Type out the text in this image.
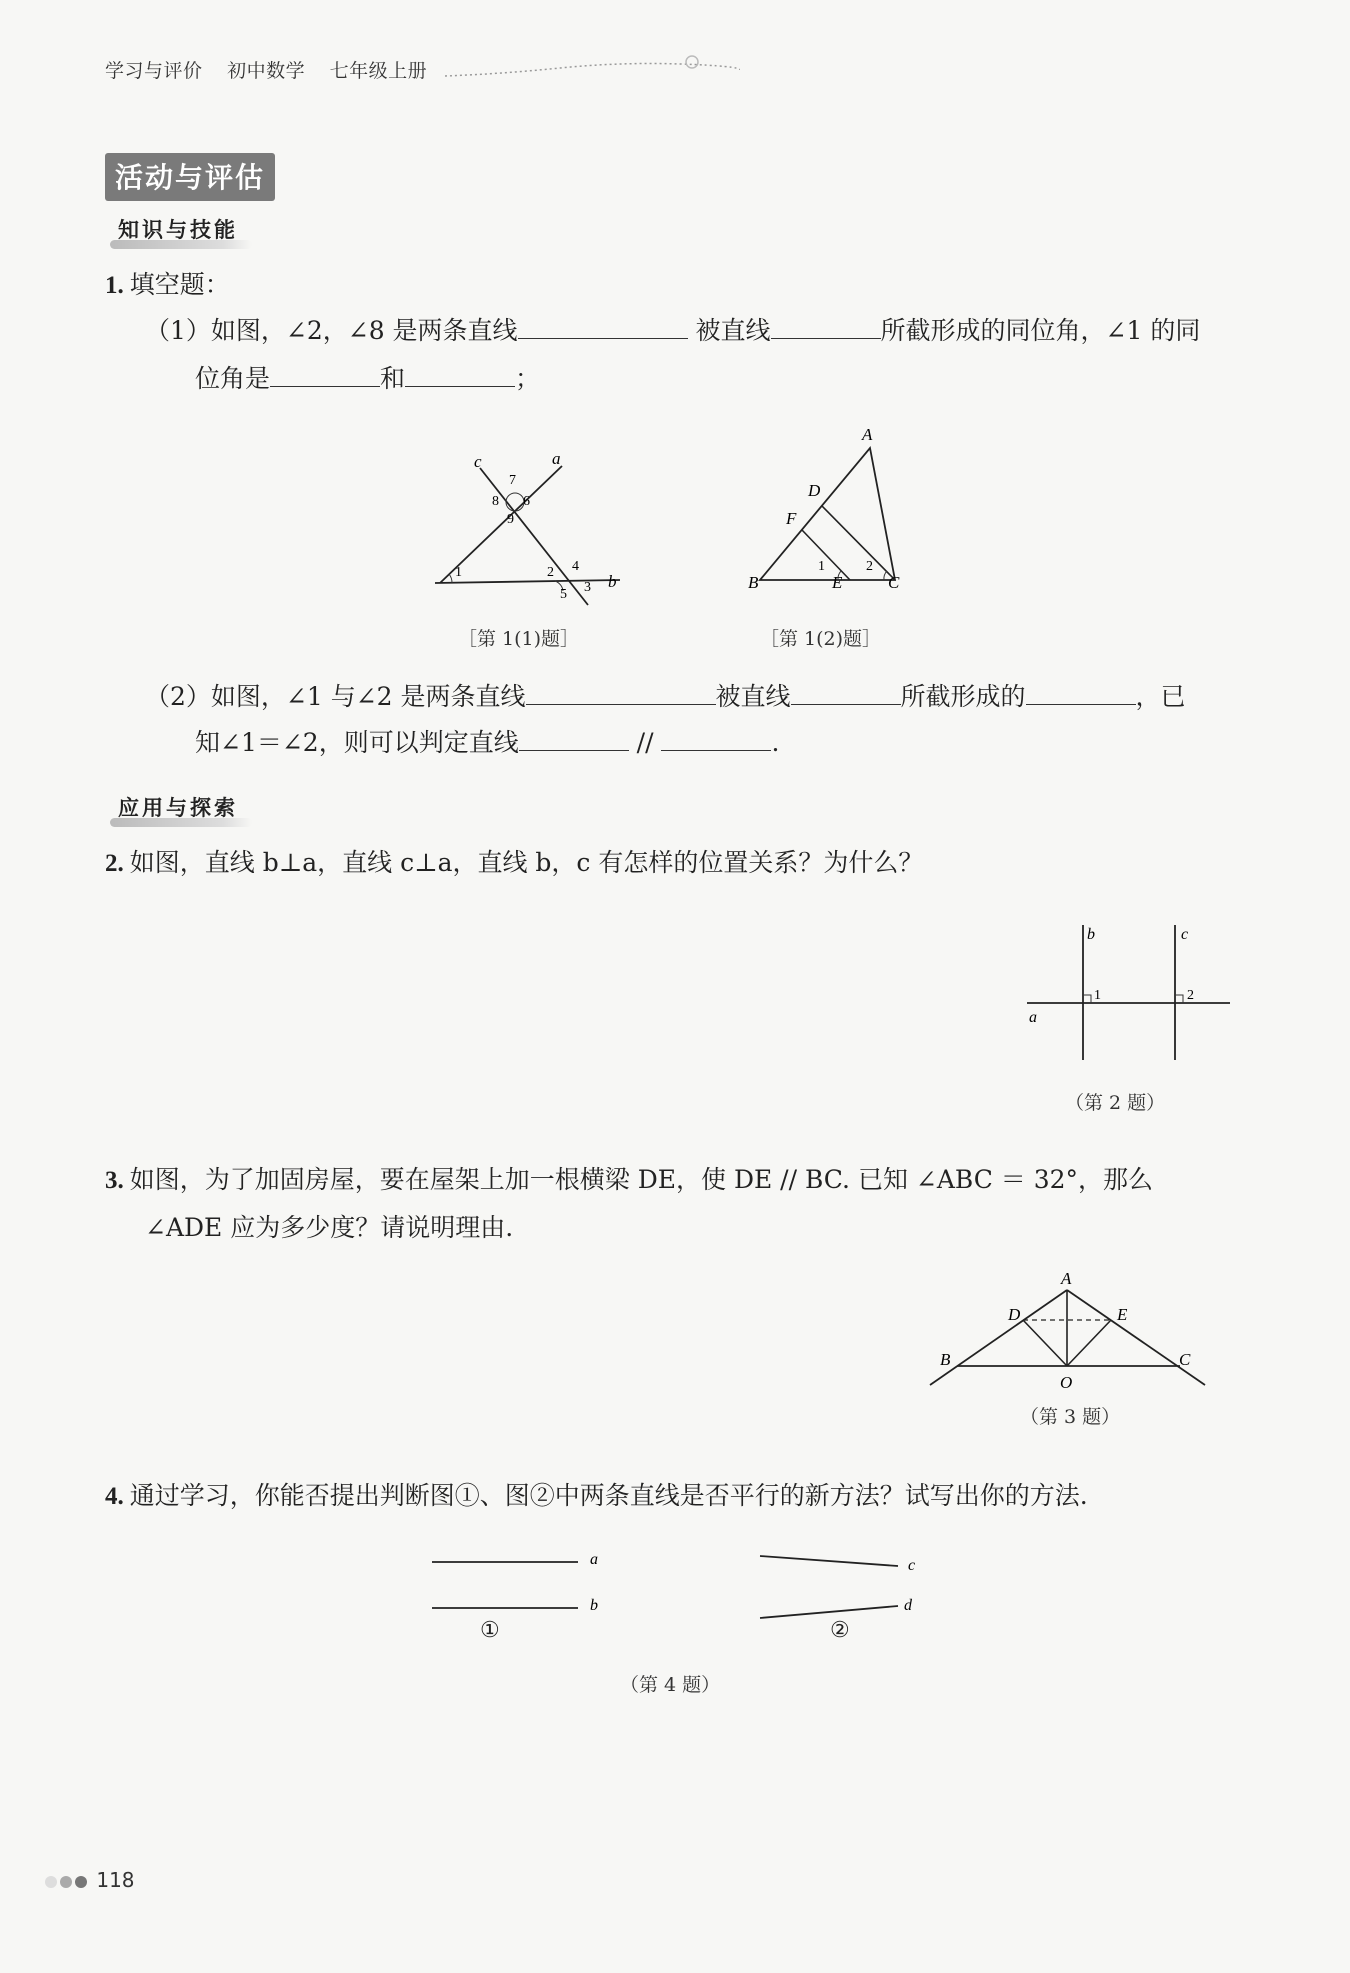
学习与评价 初中数学 七年级上册
活动与评估
知识与技能
1. 填空题：
（1）如图，∠2，∠8 是两条直线	被直线	所截形成的同位角，∠1 的同
位角是	和	；
c	a
b
7
8 6
9
1	2 4
5 3
［第 1(1)题］
A
D
F
B	E	C
1	2
［第 1(2)题］
（2）如图，∠1 与∠2 是两条直线	被直线	所截形成的	，已
知∠1＝∠2，则可以判定直线	//	.
应用与探索
2. 如图，直线 b⊥a，直线 c⊥a，直线 b，c 有怎样的位置关系？为什么？
b	c
a
1	2
（第 2 题）
3. 如图，为了加固房屋，要在屋架上加一根横梁 DE，使 DE // BC. 已知 ∠ABC ＝ 32°，那么
∠ADE 应为多少度？请说明理由.
A
D	E
B	C
O
（第 3 题）
4. 通过学习，你能否提出判断图①、图②中两条直线是否平行的新方法？试写出你的方法.
a
b
c
d
①	②
（第 4 题）
118
